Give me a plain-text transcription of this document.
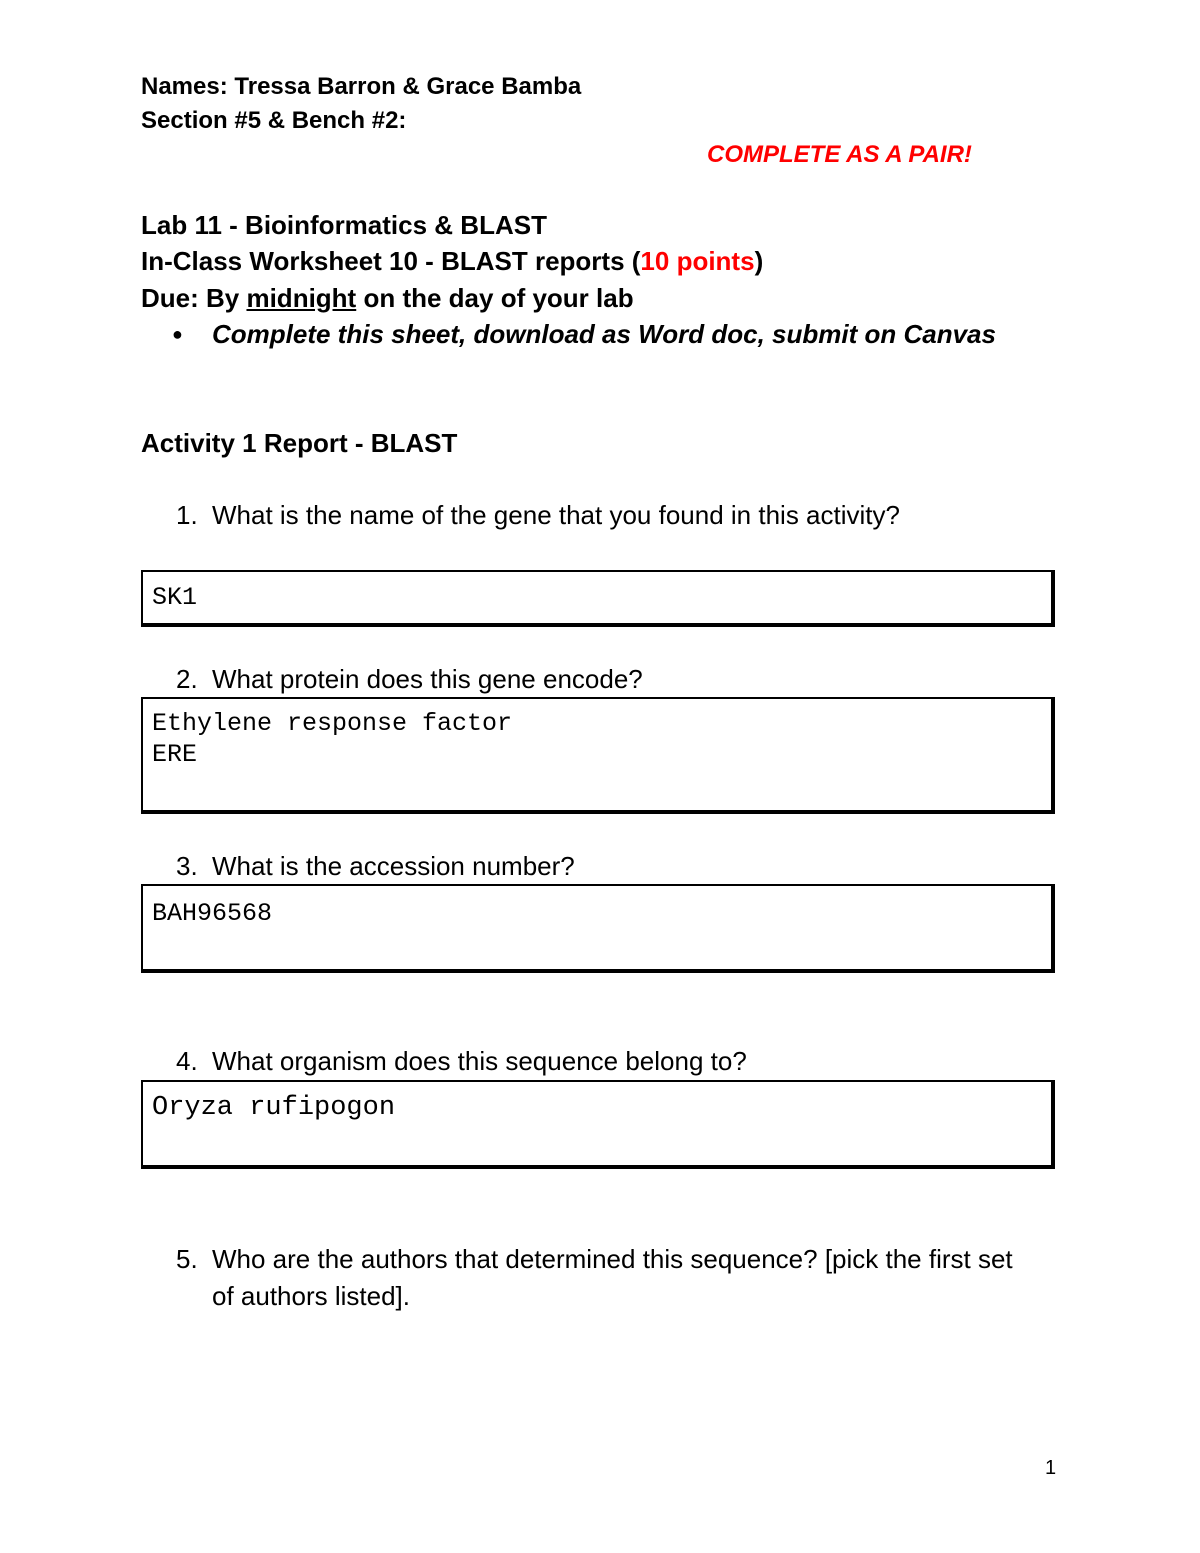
Names: Tressa Barron & Grace Bamba
Section #5 & Bench #2:
COMPLETE AS A PAIR!
Lab 11 - Bioinformatics & BLAST
In-Class Worksheet 10 - BLAST reports (10 points)
Due: By midnight on the day of your lab
● Complete this sheet, download as Word doc, submit on Canvas
Activity 1 Report - BLAST
1. What is the name of the gene that you found in this activity?
SK1
2. What protein does this gene encode?
Ethylene response factor
ERE
3. What is the accession number?
BAH96568
4. What organism does this sequence belong to?
Oryza rufipogon
5. Who are the authors that determined this sequence? [pick the first set
of authors listed].
1
